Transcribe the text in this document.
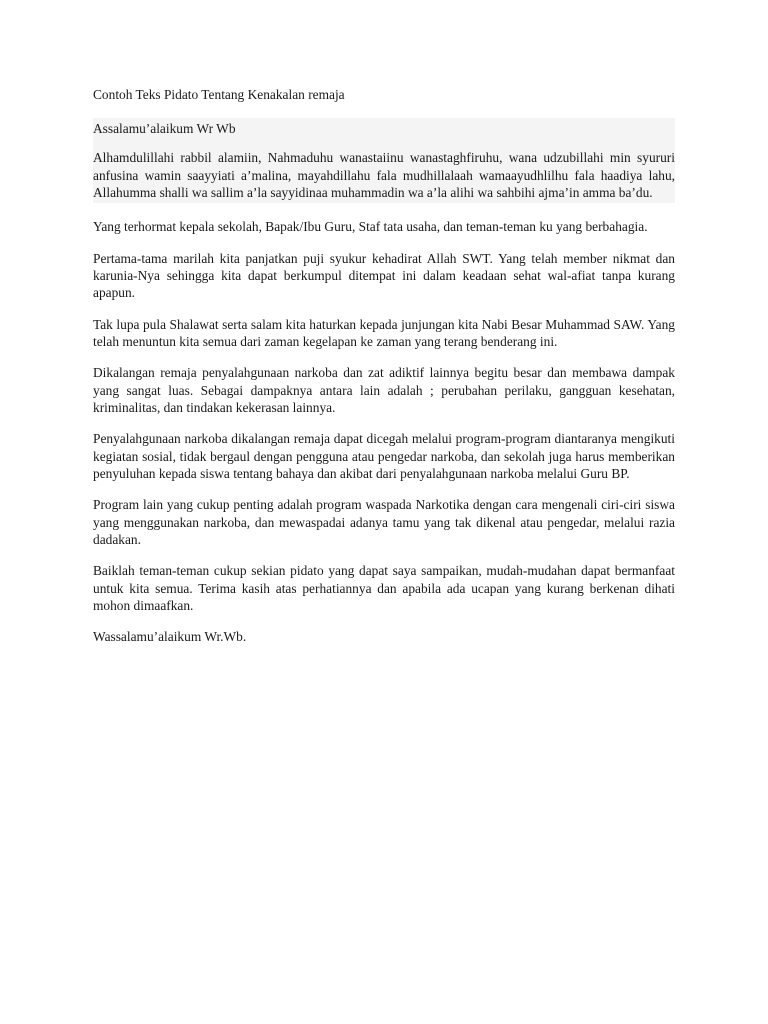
Contoh Teks Pidato Tentang Kenakalan remaja

Assalamu’alaikum Wr Wb

Alhamdulillahi rabbil alamiin, Nahmaduhu wanastaiinu wanastaghfiruhu, wana udzubillahi min syururi anfusina wamin saayyiati a’malina, mayahdillahu fala mudhillalaah wamaayudhlilhu fala haadiya lahu, Allahumma shalli wa sallim a’la sayyidinaa muhammadin wa a’la alihi wa sahbihi ajma’in amma ba’du.

Yang terhormat kepala sekolah, Bapak/Ibu Guru, Staf tata usaha, dan teman-teman ku yang berbahagia.

Pertama-tama marilah kita panjatkan puji syukur kehadirat Allah SWT. Yang telah member nikmat dan karunia-Nya sehingga kita dapat berkumpul ditempat ini dalam keadaan sehat wal-afiat tanpa kurang apapun.

Tak lupa pula Shalawat serta salam kita haturkan kepada junjungan kita Nabi Besar Muhammad SAW. Yang telah menuntun kita semua dari zaman kegelapan ke zaman yang terang benderang ini.

Dikalangan remaja penyalahgunaan narkoba dan zat adiktif lainnya begitu besar dan membawa dampak yang sangat luas. Sebagai dampaknya antara lain adalah ; perubahan perilaku, gangguan kesehatan, kriminalitas, dan tindakan kekerasan lainnya.

Penyalahgunaan narkoba dikalangan remaja dapat dicegah melalui program-program diantaranya mengikuti kegiatan sosial, tidak bergaul dengan pengguna atau pengedar narkoba, dan sekolah juga harus memberikan penyuluhan kepada siswa tentang bahaya dan akibat dari penyalahgunaan narkoba melalui Guru BP.

Program lain yang cukup penting adalah program waspada Narkotika dengan cara mengenali ciri-ciri siswa yang menggunakan narkoba, dan mewaspadai adanya tamu yang tak dikenal atau pengedar, melalui razia dadakan.

Baiklah teman-teman cukup sekian pidato yang dapat saya sampaikan, mudah-mudahan dapat bermanfaat untuk kita semua. Terima kasih atas perhatiannya dan apabila ada ucapan yang kurang berkenan dihati mohon dimaafkan.

Wassalamu’alaikum Wr.Wb.
